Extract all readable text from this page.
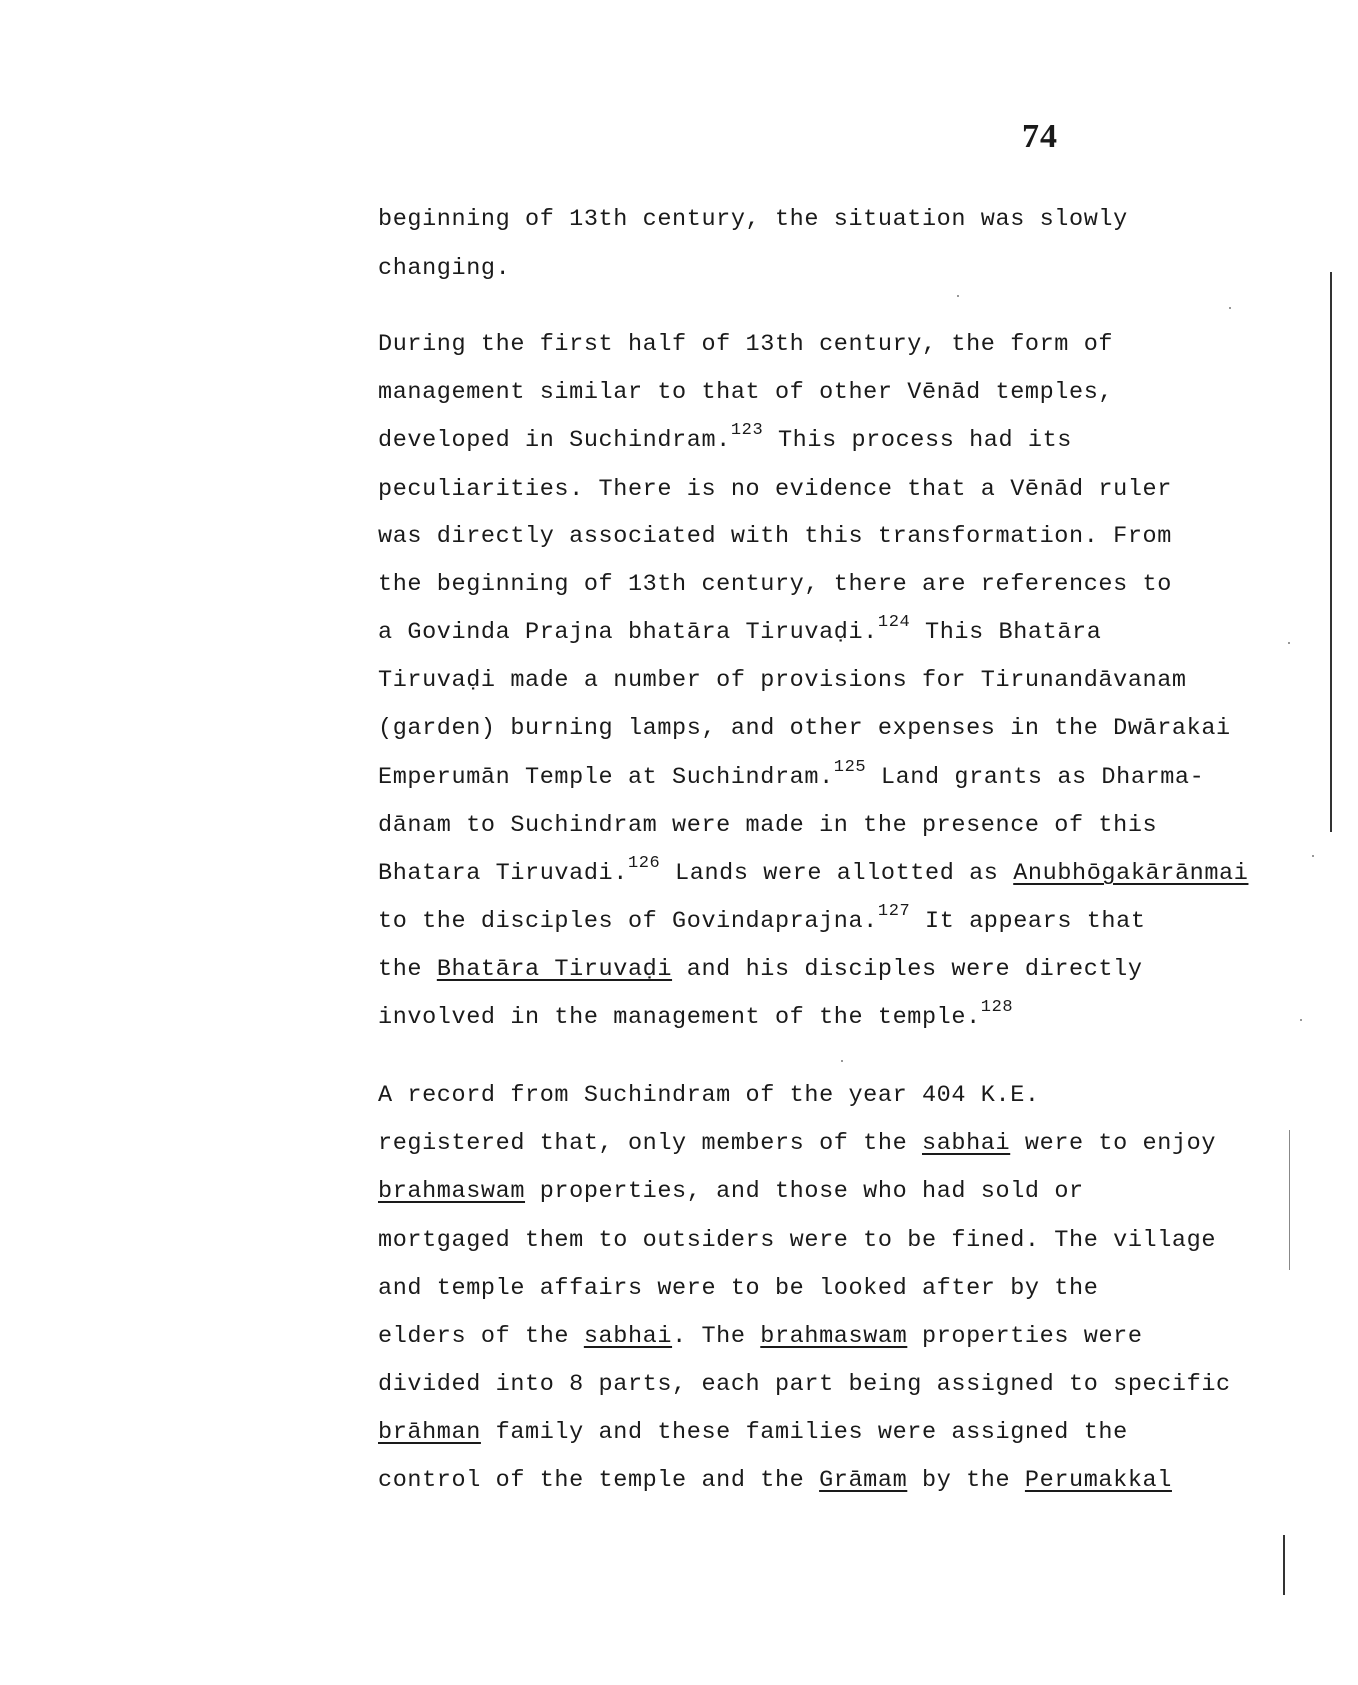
74
beginning of 13th century, the situation was slowly
changing.
During the first half of 13th century, the form of
management similar to that of other Vēnād temples,
developed in Suchindram.$^{123}$ This process had its
peculiarities. There is no evidence that a Vēnād ruler
was directly associated with this transformation. From
the beginning of 13th century, there are references to
a Govinda Prajna bhatāra Tiruvaḍi.$^{124}$ This Bhatāra
Tiruvaḍi made a number of provisions for Tirunandāvanam
(garden) burning lamps, and other expenses in the Dwārakai
Emperumān Temple at Suchindram.$^{125}$ Land grants as Dharma-
dānam to Suchindram were made in the presence of this
Bhatara Tiruvadi.$^{126}$ Lands were allotted as Anubhōgakārānmai
to the disciples of Govindaprajna.$^{127}$ It appears that
the Bhatāra Tiruvaḍi and his disciples were directly
involved in the management of the temple.$^{128}$
A record from Suchindram of the year 404 K.E.
registered that, only members of the sabhai were to enjoy
brahmaswam properties, and those who had sold or
mortgaged them to outsiders were to be fined. The village
and temple affairs were to be looked after by the
elders of the sabhai. The brahmaswam properties were
divided into 8 parts, each part being assigned to specific
brāhman family and these families were assigned the
control of the temple and the Grāmam by the Perumakkal
